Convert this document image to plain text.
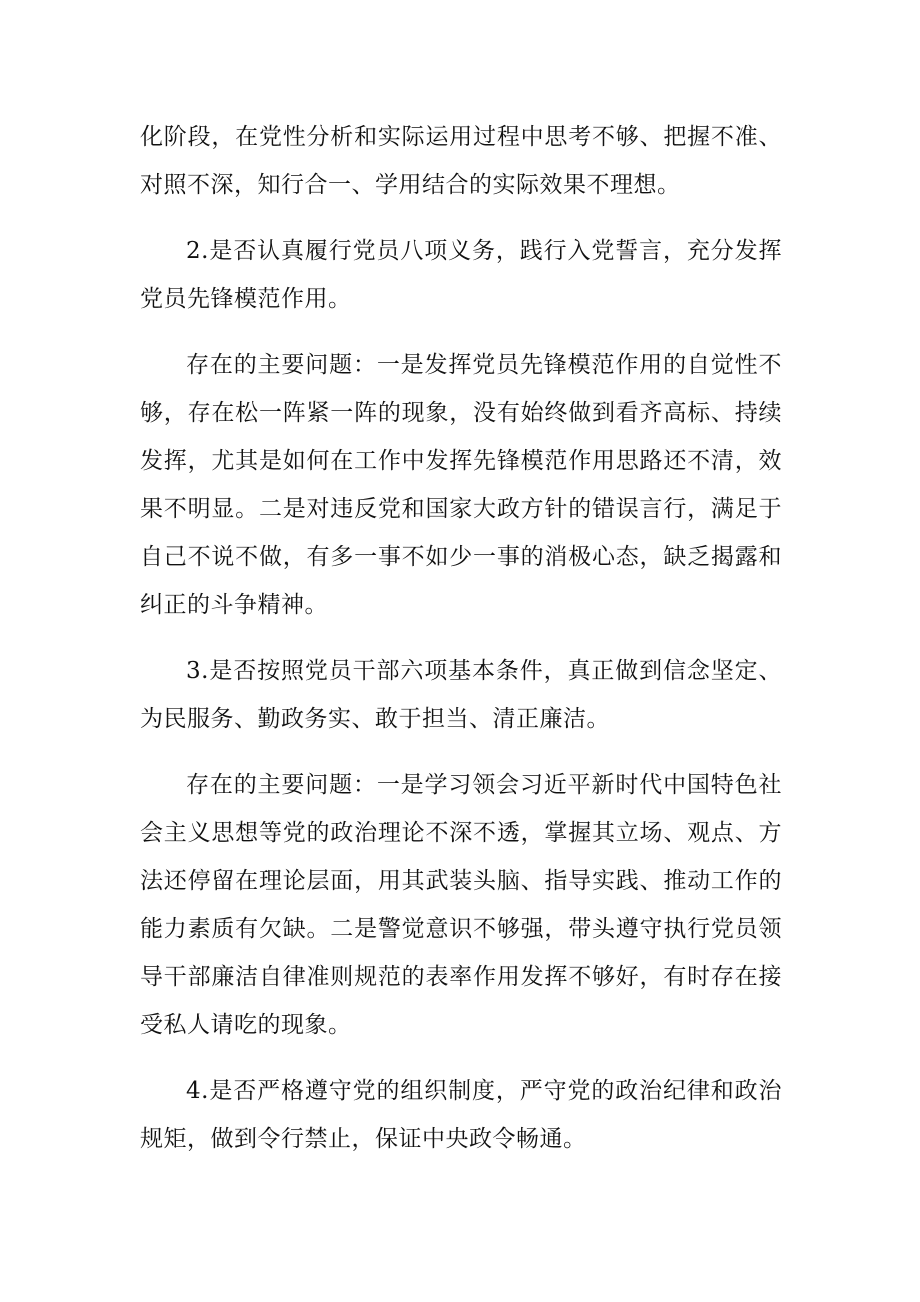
化阶段，在党性分析和实际运用过程中思考不够、把握不准、对照不深，知行合一、学用结合的实际效果不理想。

2.是否认真履行党员八项义务，践行入党誓言，充分发挥党员先锋模范作用。

存在的主要问题：一是发挥党员先锋模范作用的自觉性不够，存在松一阵紧一阵的现象，没有始终做到看齐高标、持续发挥，尤其是如何在工作中发挥先锋模范作用思路还不清，效果不明显。二是对违反党和国家大政方针的错误言行，满足于自己不说不做，有多一事不如少一事的消极心态，缺乏揭露和纠正的斗争精神。

3.是否按照党员干部六项基本条件，真正做到信念坚定、为民服务、勤政务实、敢于担当、清正廉洁。

存在的主要问题：一是学习领会习近平新时代中国特色社会主义思想等党的政治理论不深不透，掌握其立场、观点、方法还停留在理论层面，用其武装头脑、指导实践、推动工作的能力素质有欠缺。二是警觉意识不够强，带头遵守执行党员领导干部廉洁自律准则规范的表率作用发挥不够好，有时存在接受私人请吃的现象。

4.是否严格遵守党的组织制度，严守党的政治纪律和政治规矩，做到令行禁止，保证中央政令畅通。
